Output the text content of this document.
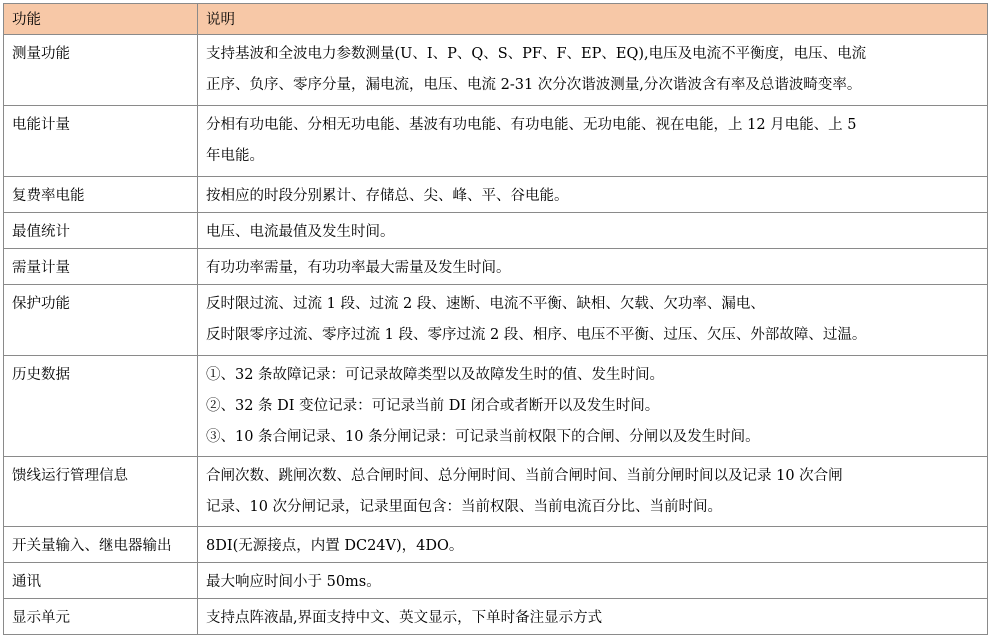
功能	说明
测量功能	支持基波和全波电力参数测量(U、I、P、Q、S、PF、F、EP、EQ),电压及电流不平衡度，电压、电流
正序、负序、零序分量，漏电流，电压、电流 2-31 次分次谐波测量,分次谐波含有率及总谐波畸变率。

电能计量	分相有功电能、分相无功电能、基波有功电能、有功电能、无功电能、视在电能，上 12 月电能、上 5
年电能。

复费率电能	按相应的时段分别累计、存储总、尖、峰、平、谷电能。

最值统计	电压、电流最值及发生时间。

需量计量	有功功率需量，有功功率最大需量及发生时间。

保护功能	反时限过流、过流 1 段、过流 2 段、速断、电流不平衡、缺相、欠载、欠功率、漏电、
反时限零序过流、零序过流 1 段、零序过流 2 段、相序、电压不平衡、过压、欠压、外部故障、过温。

历史数据	①、32 条故障记录：可记录故障类型以及故障发生时的值、发生时间。
②、32 条 DI 变位记录：可记录当前 DI 闭合或者断开以及发生时间。
③、10 条合闸记录、10 条分闸记录：可记录当前权限下的合闸、分闸以及发生时间。

馈线运行管理信息	合闸次数、跳闸次数、总合闸时间、总分闸时间、当前合闸时间、当前分闸时间以及记录 10 次合闸
记录、10 次分闸记录，记录里面包含：当前权限、当前电流百分比、当前时间。

开关量输入、继电器输出	8DI(无源接点，内置 DC24V)，4DO。

通讯	最大响应时间小于 50ms。

显示单元	支持点阵液晶,界面支持中文、英文显示，下单时备注显示方式
